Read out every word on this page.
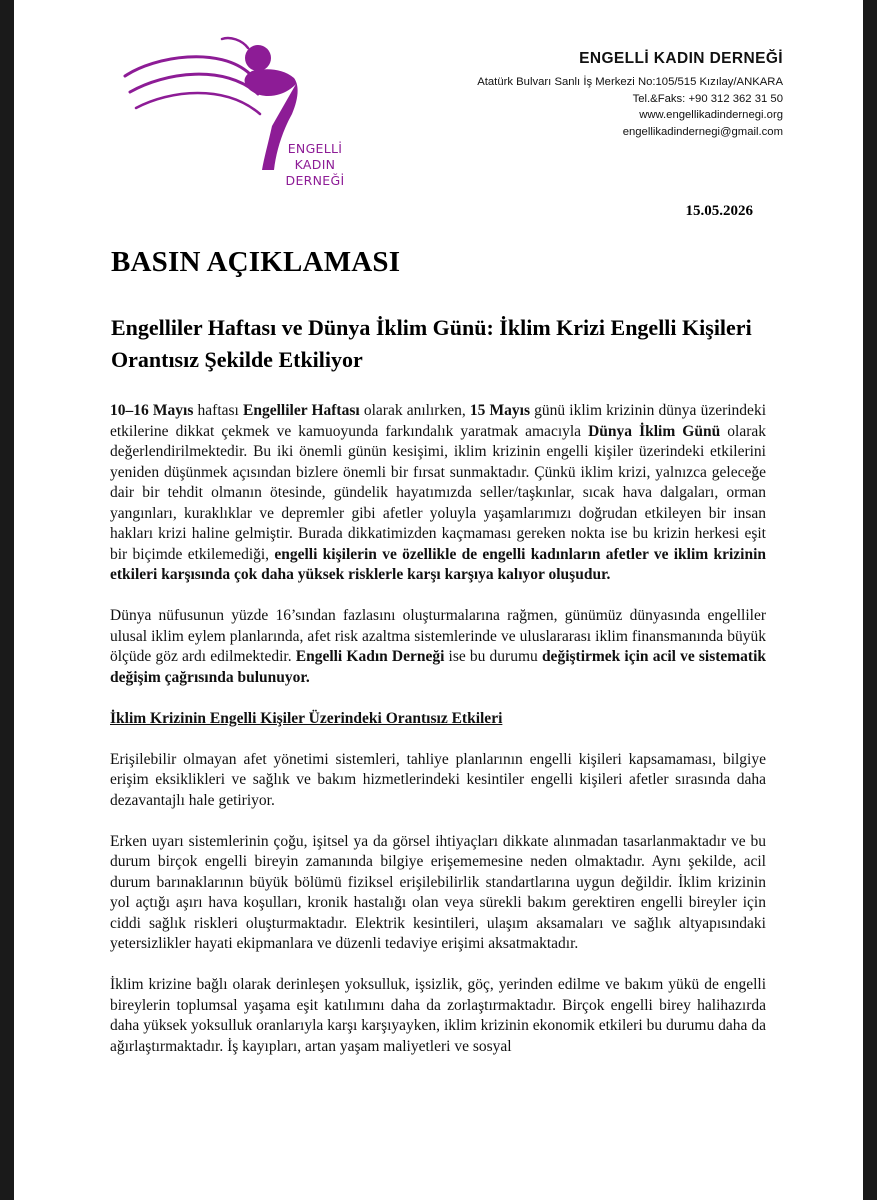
ENGELLİ
KADIN
DERNEĞİ
ENGELLİ KADIN DERNEĞİ
Atatürk Bulvarı Sanlı İş Merkezi No:105/515 Kızılay/ANKARA
Tel.&Faks: +90 312 362 31 50
www.engellikadindernegi.org
engellikadindernegi@gmail.com
15.05.2026
BASIN AÇIKLAMASI
Engelliler Haftası ve Dünya İklim Günü: İklim Krizi Engelli Kişileri Orantısız Şekilde Etkiliyor

10–16 Mayıs haftası Engelliler Haftası olarak anılırken, 15 Mayıs günü iklim krizinin dünya üzerindeki etkilerine dikkat çekmek ve kamuoyunda farkındalık yaratmak amacıyla Dünya İklim Günü olarak değerlendirilmektedir. Bu iki önemli günün kesişimi, iklim krizinin engelli kişiler üzerindeki etkilerini yeniden düşünmek açısından bizlere önemli bir fırsat sunmaktadır. Çünkü iklim krizi, yalnızca geleceğe dair bir tehdit olmanın ötesinde, gündelik hayatımızda seller/taşkınlar, sıcak hava dalgaları, orman yangınları, kuraklıklar ve depremler gibi afetler yoluyla yaşamlarımızı doğrudan etkileyen bir insan hakları krizi haline gelmiştir. Burada dikkatimizden kaçmaması gereken nokta ise bu krizin herkesi eşit bir biçimde etkilemediği, engelli kişilerin ve özellikle de engelli kadınların afetler ve iklim krizinin etkileri karşısında çok daha yüksek risklerle karşı karşıya kalıyor oluşudur.

Dünya nüfusunun yüzde 16’sından fazlasını oluşturmalarına rağmen, günümüz dünyasında engelliler ulusal iklim eylem planlarında, afet risk azaltma sistemlerinde ve uluslararası iklim finansmanında büyük ölçüde göz ardı edilmektedir. Engelli Kadın Derneği ise bu durumu değiştirmek için acil ve sistematik değişim çağrısında bulunuyor.

İklim Krizinin Engelli Kişiler Üzerindeki Orantısız Etkileri

Erişilebilir olmayan afet yönetimi sistemleri, tahliye planlarının engelli kişileri kapsamaması, bilgiye erişim eksiklikleri ve sağlık ve bakım hizmetlerindeki kesintiler engelli kişileri afetler sırasında daha dezavantajlı hale getiriyor.

Erken uyarı sistemlerinin çoğu, işitsel ya da görsel ihtiyaçları dikkate alınmadan tasarlanmaktadır ve bu durum birçok engelli bireyin zamanında bilgiye erişememesine neden olmaktadır. Aynı şekilde, acil durum barınaklarının büyük bölümü fiziksel erişilebilirlik standartlarına uygun değildir. İklim krizinin yol açtığı aşırı hava koşulları, kronik hastalığı olan veya sürekli bakım gerektiren engelli bireyler için ciddi sağlık riskleri oluşturmaktadır. Elektrik kesintileri, ulaşım aksamaları ve sağlık altyapısındaki yetersizlikler hayati ekipmanlara ve düzenli tedaviye erişimi aksatmaktadır.

İklim krizine bağlı olarak derinleşen yoksulluk, işsizlik, göç, yerinden edilme ve bakım yükü de engelli bireylerin toplumsal yaşama eşit katılımını daha da zorlaştırmaktadır. Birçok engelli birey halihazırda daha yüksek yoksulluk oranlarıyla karşı karşıyayken, iklim krizinin ekonomik etkileri bu durumu daha da ağırlaştırmaktadır. İş kayıpları, artan yaşam maliyetleri ve sosyal
